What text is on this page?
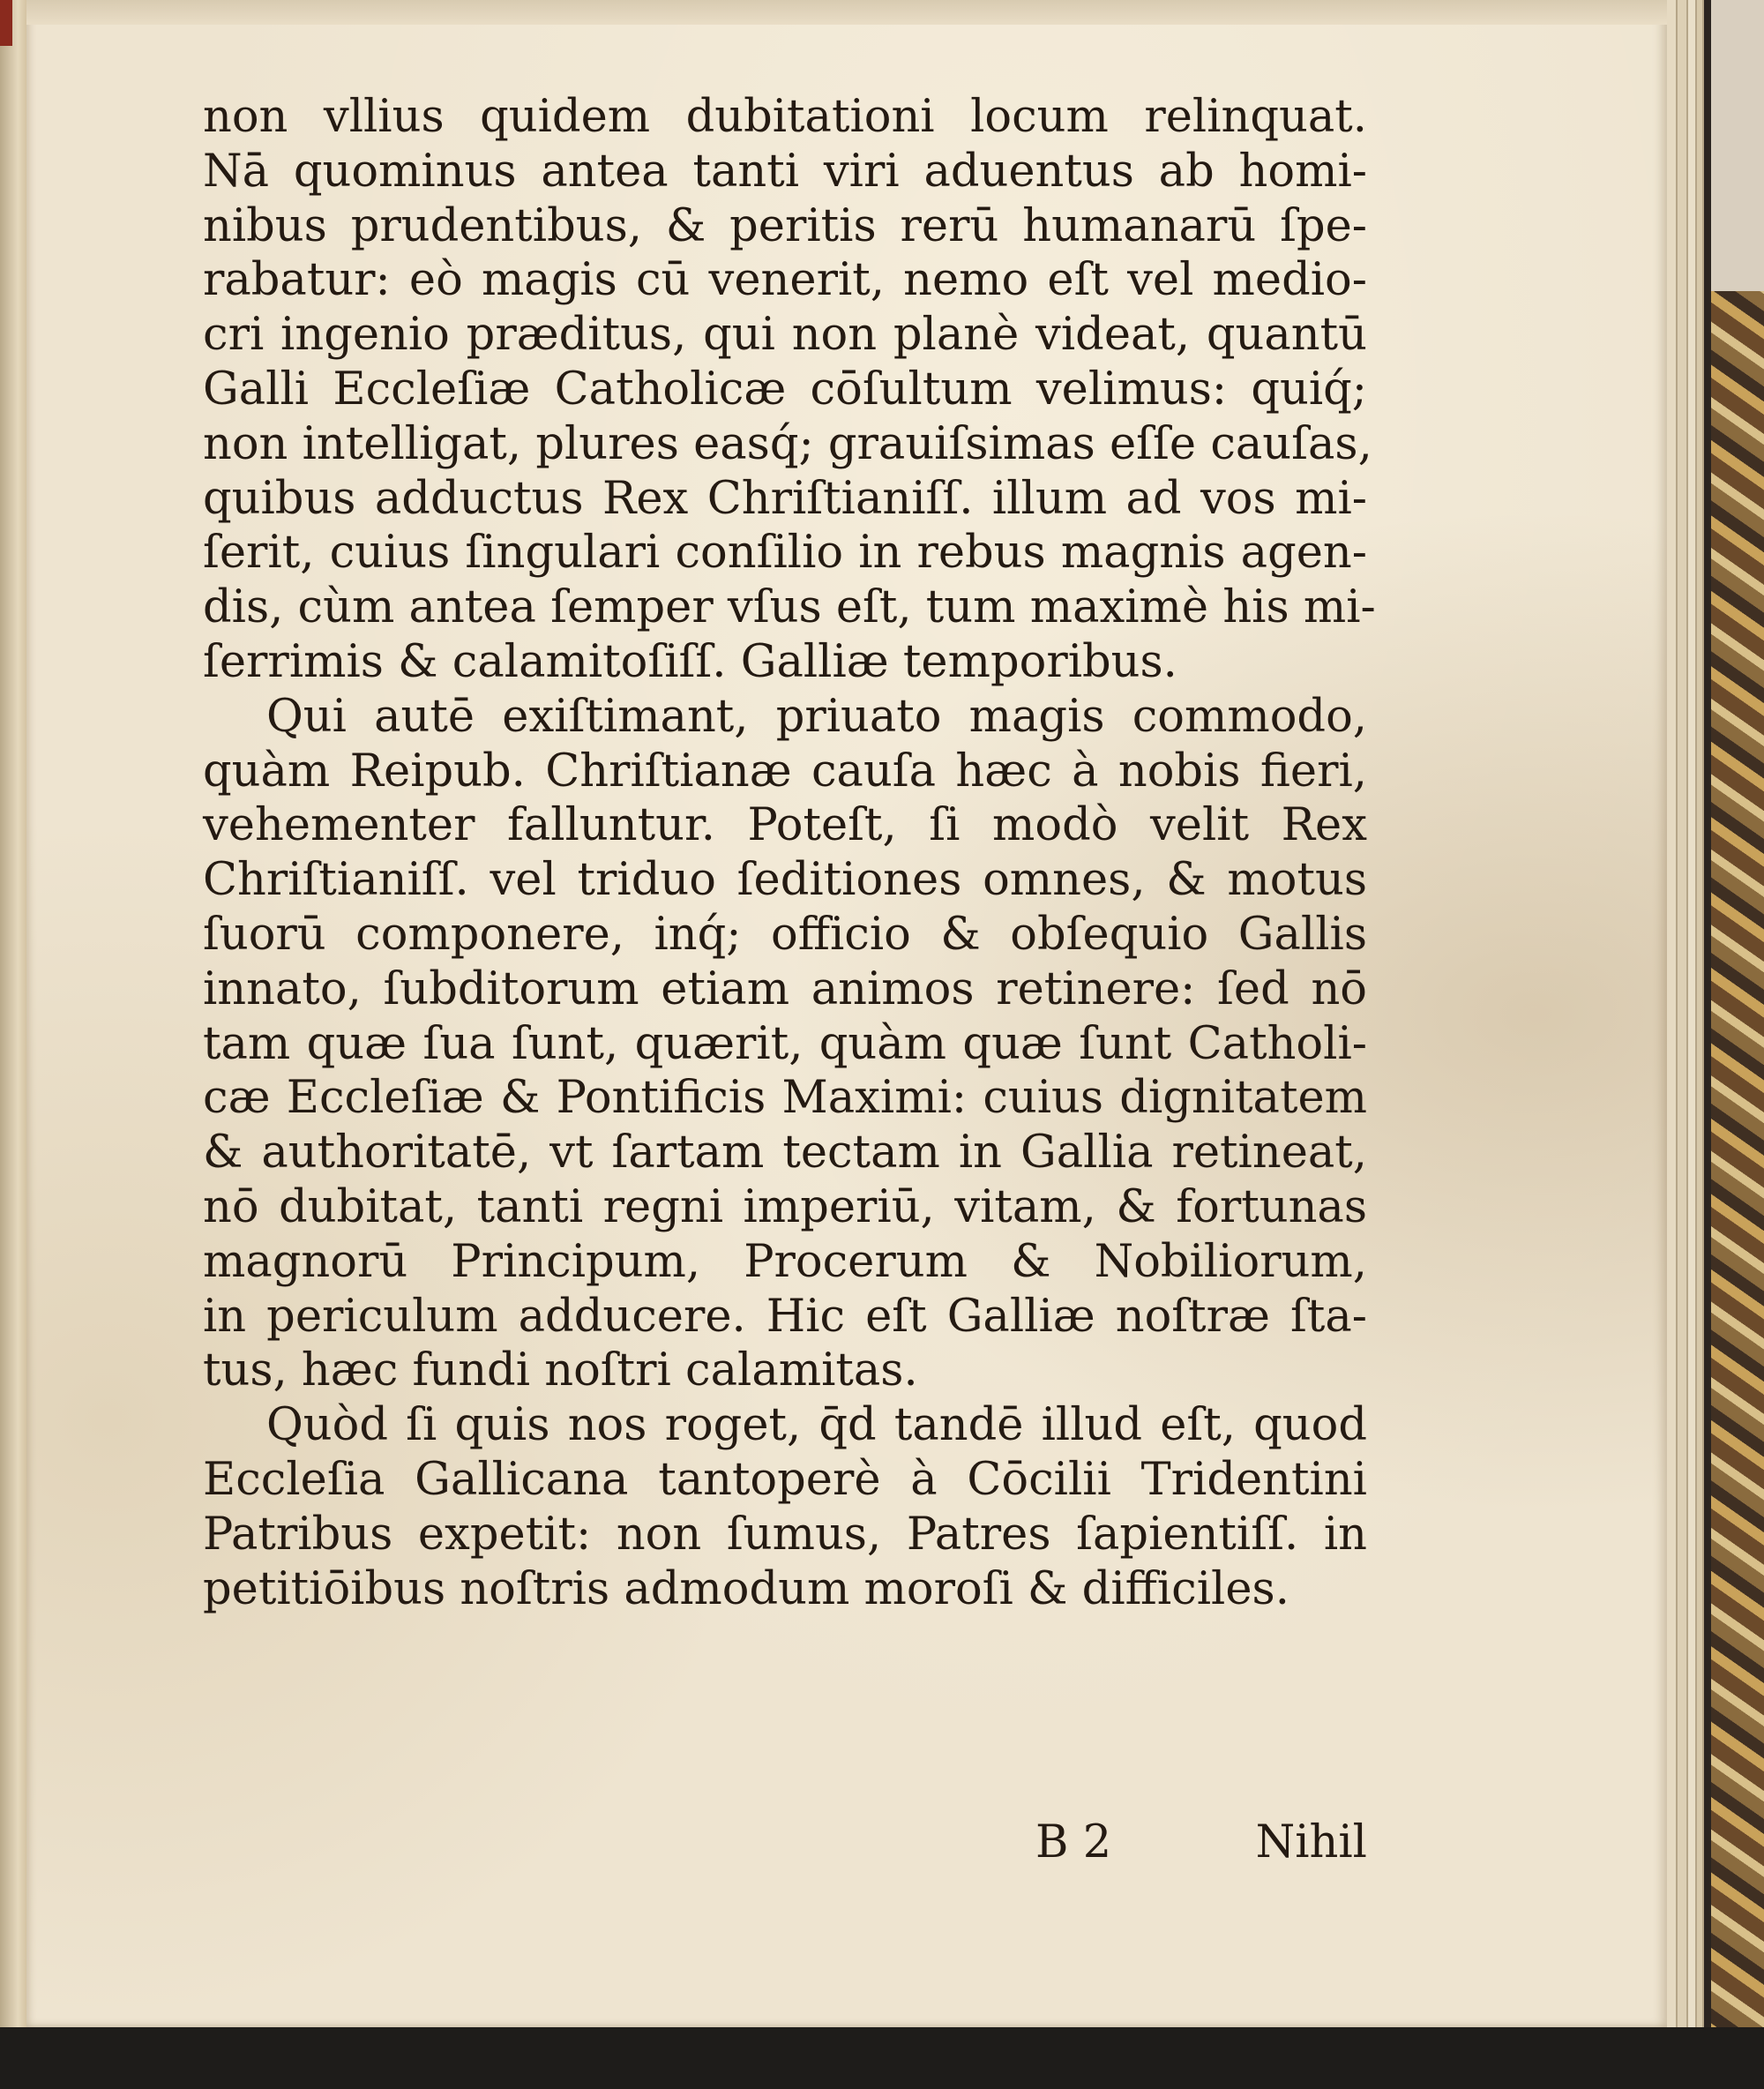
non vllius quidem dubitationi locum relinquat.
Nā quominus antea tanti viri aduentus ab homi-
nibus prudentibus, & peritis rerū humanarū ſpe-
rabatur: eò magis cū venerit, nemo eſt vel medio-
cri ingenio præditus, qui non planè videat, quantū
Galli Eccleſiæ Catholicæ cōſultum velimus: quiq́;
non intelligat, plures easq́; grauiſsimas eſſe cauſas,
quibus adductus Rex Chriſtianiſſ. illum ad vos mi-
ſerit, cuius ſingulari conſilio in rebus magnis agen-
dis, cùm antea ſemper vſus eſt, tum maximè his mi-
ſerrimis & calamitoſiſſ. Galliæ temporibus.
Qui autē exiſtimant, priuato magis commodo,
quàm Reipub. Chriſtianæ cauſa hæc à nobis fieri,
vehementer falluntur. Poteſt, ſi modò velit Rex
Chriſtianiſſ. vel triduo ſeditiones omnes, & motus
ſuorū componere, inq́; officio & obſequio Gallis
innato, ſubditorum etiam animos retinere: ſed nō
tam quæ ſua ſunt, quærit, quàm quæ ſunt Catholi-
cæ Eccleſiæ & Pontificis Maximi: cuius dignitatem
& authoritatē, vt ſartam tectam in Gallia retineat,
nō dubitat, tanti regni imperiū, vitam, & fortunas
magnorū Principum, Procerum & Nobiliorum,
in periculum adducere. Hic eſt Galliæ noſtræ ſta-
tus, hæc fundi noſtri calamitas.
Quòd ſi quis nos roget, q̄d tandē illud eſt, quod
Eccleſia Gallicana tantoperè à Cōcilii Tridentini
Patribus expetit: non ſumus, Patres ſapientiſſ. in
petitiōibus noſtris admodum moroſi & difficiles.
B 2	Nihil
